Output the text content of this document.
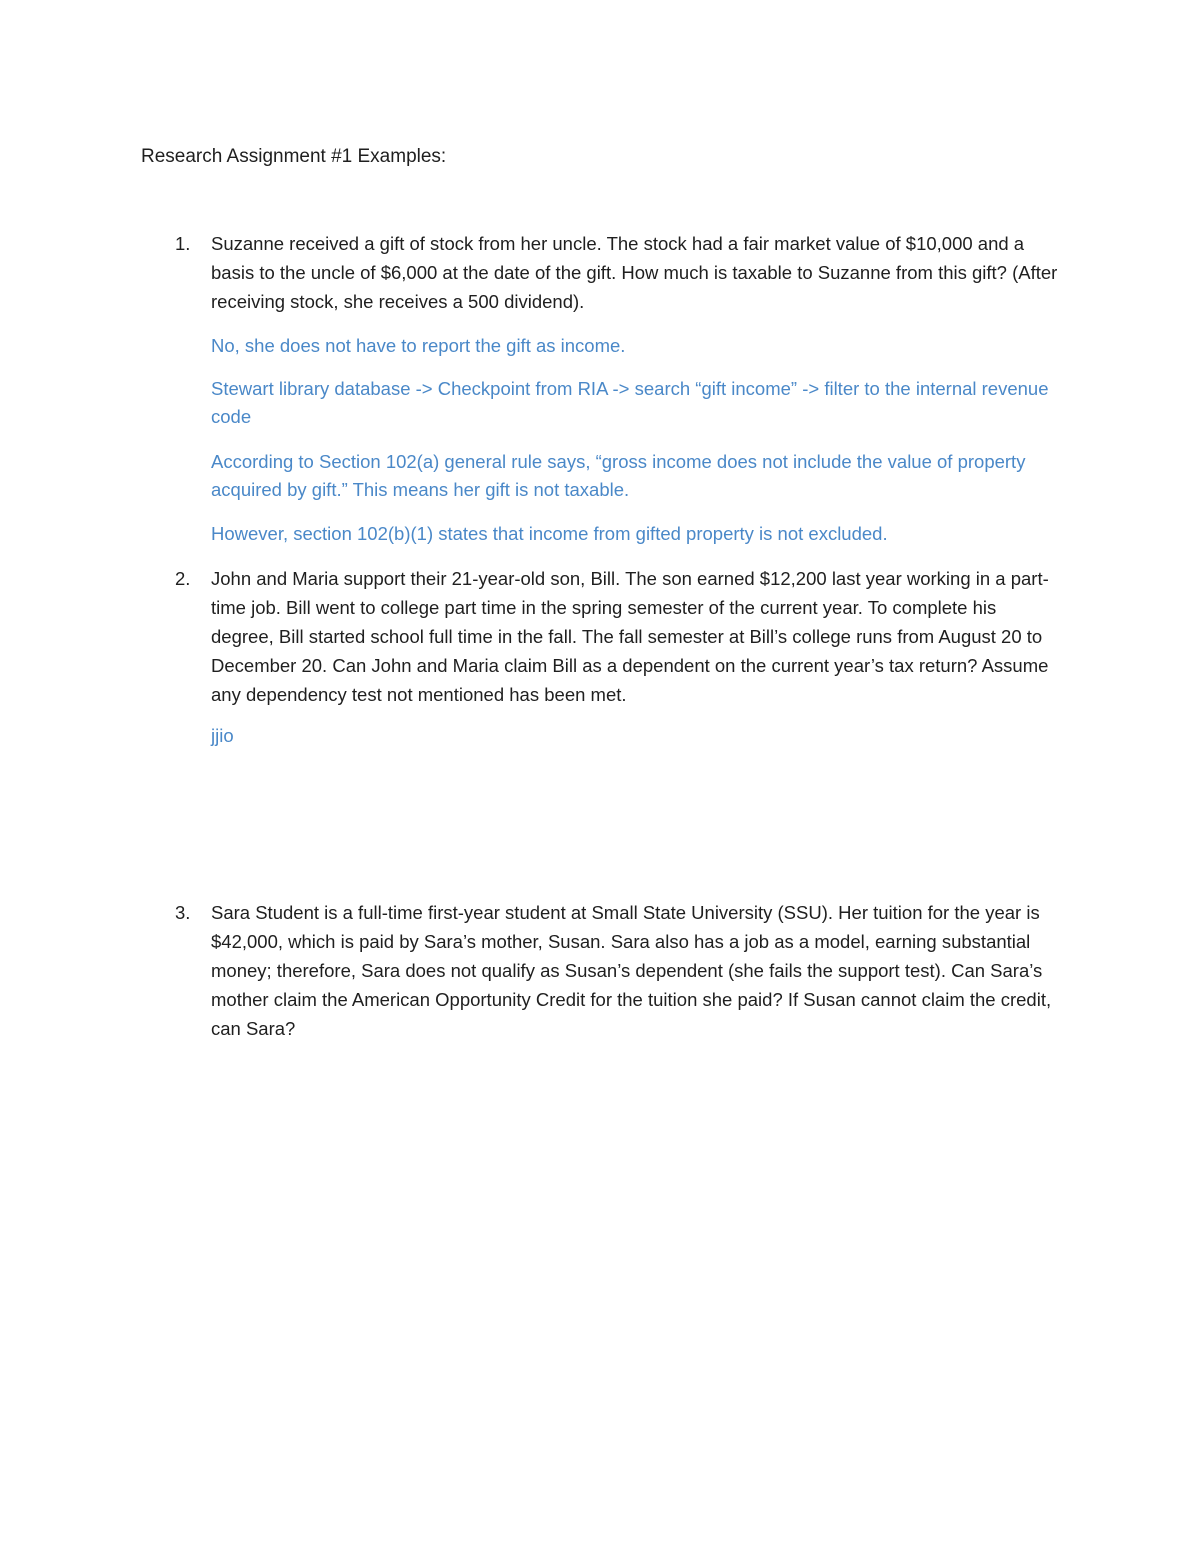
Research Assignment #1 Examples:
1. Suzanne received a gift of stock from her uncle. The stock had a fair market value of $10,000 and a basis to the uncle of $6,000 at the date of the gift. How much is taxable to Suzanne from this gift? (After receiving stock, she receives a 500 dividend).
No, she does not have to report the gift as income.
Stewart library database -> Checkpoint from RIA -> search “gift income” -> filter to the internal revenue code
According to Section 102(a) general rule says, “gross income does not include the value of property acquired by gift.” This means her gift is not taxable.
However, section 102(b)(1) states that income from gifted property is not excluded.
2. John and Maria support their 21-year-old son, Bill. The son earned $12,200 last year working in a part-time job. Bill went to college part time in the spring semester of the current year. To complete his degree, Bill started school full time in the fall. The fall semester at Bill’s college runs from August 20 to December 20. Can John and Maria claim Bill as a dependent on the current year’s tax return? Assume any dependency test not mentioned has been met.
jjio
3. Sara Student is a full-time first-year student at Small State University (SSU). Her tuition for the year is $42,000, which is paid by Sara’s mother, Susan. Sara also has a job as a model, earning substantial money; therefore, Sara does not qualify as Susan’s dependent (she fails the support test). Can Sara’s mother claim the American Opportunity Credit for the tuition she paid? If Susan cannot claim the credit, can Sara?
